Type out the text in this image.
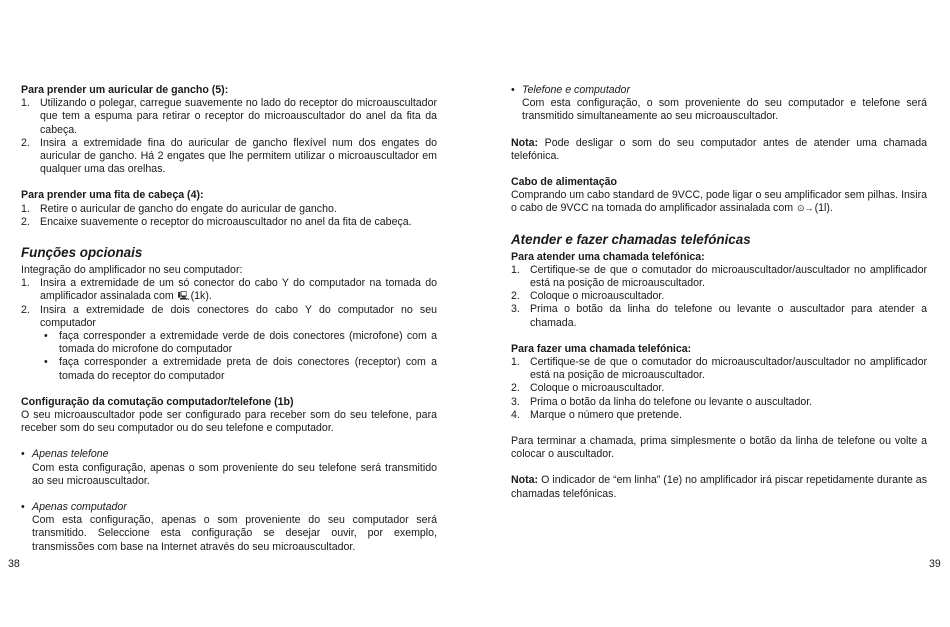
Para prender um auricular de gancho (5):

1. Utilizando o polegar, carregue suavemente no lado do receptor do microauscultador que tem a espuma para retirar o receptor do microauscultador do anel da fita da cabeça.
2. Insira a extremidade fina do auricular de gancho flexível num dos engates do auricular de gancho. Há 2 engates que lhe permitem utilizar o microauscultador em qualquer uma das orelhas.

Para prender uma fita de cabeça (4):

1. Retire o auricular de gancho do engate do auricular de gancho.
2. Encaixe suavemente o receptor do microauscultador no anel da fita de cabeça.

Funções opcionais

Integração do amplificador no seu computador:

1. Insira a extremidade de um só conector do cabo Y do computador na tomada do amplificador assinalada com 🖳︎(1k).
2. Insira a extremidade de dois conectores do cabo Y do computador no seu computador
• faça corresponder a extremidade verde de dois conectores (microfone) com a tomada do microfone do computador
• faça corresponder a extremidade preta de dois conectores (receptor) com a tomada do receptor do computador

Configuração da comutação computador/telefone (1b)

O seu microauscultador pode ser configurado para receber som do seu telefone, para receber som do seu computador ou do seu telefone e computador.

• Apenas telefone
Com esta configuração, apenas o som proveniente do seu telefone será transmitido ao seu microauscultador.
• Apenas computador
Com esta configuração, apenas o som proveniente do seu computador será transmitido. Seleccione esta configuração se desejar ouvir, por exemplo, transmissões com base na Internet através do seu microauscultador.
38
• Telefone e computador
Com esta configuração, o som proveniente do seu computador e telefone será transmitido simultaneamente ao seu microauscultador.

Nota: Pode desligar o som do seu computador antes de atender uma chamada telefónica.

Cabo de alimentação

Comprando um cabo standard de 9VCC, pode ligar o seu amplificador sem pilhas. Insira o cabo de 9VCC na tomada do amplificador assinalada com ⊙→(1l).

Atender e fazer chamadas telefónicas

Para atender uma chamada telefónica:

1. Certifique-se de que o comutador do microauscultador/auscultador no amplificador está na posição de microauscultador.
2. Coloque o microauscultador.
3. Prima o botão da linha do telefone ou levante o auscultador para atender a chamada.

Para fazer uma chamada telefónica:

1. Certifique-se de que o comutador do microauscultador/auscultador no amplificador está na posição de microauscultador.
2. Coloque o microauscultador.
3. Prima o botão da linha do telefone ou levante o auscultador.
4. Marque o número que pretende.

Para terminar a chamada, prima simplesmente o botão da linha de telefone ou volte a colocar o auscultador.

Nota: O indicador de “em linha” (1e) no amplificador irá piscar repetidamente durante as chamadas telefónicas.

39
